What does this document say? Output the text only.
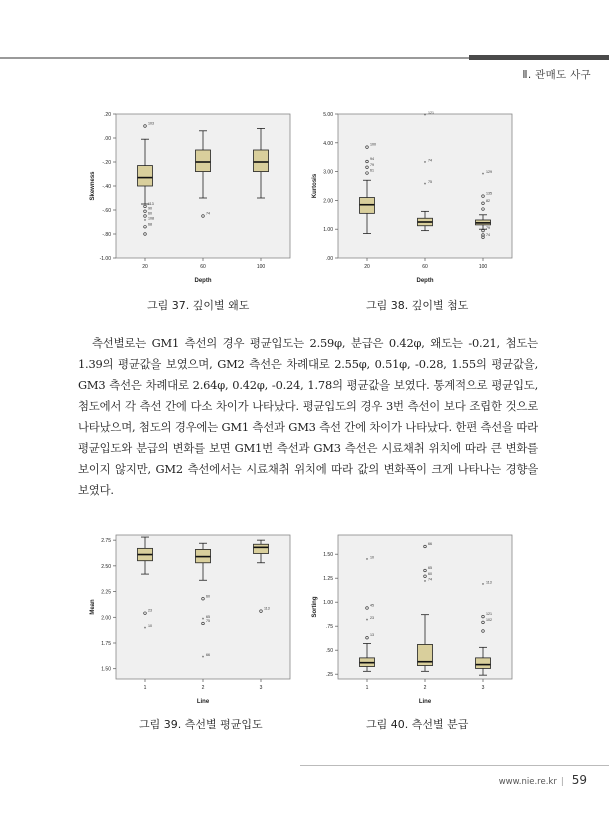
Ⅱ. 관매도 사구
.20
.00
-.20
-.40
-.60
-.80
-1.00
Skewness
Depth
20	60	100
103
113
90
60
*
108
68
74
5.00
4.00
3.00
2.00
1.00
.00
Kurtosis
Depth
20	60	100
100
94
79
61
*
121
*
74
*
75
*
129
135
82
79
74
2.75
2.50
2.25
2.00
1.75
1.50
Mean
Line
1	2	3
23
*
10
60
*
65
75
*
66
113
1.50
1.25
1.00
.75
.50
.25
Sorting
Line
1	2	3
*
10
45
*
23
13
66
65
60
*
74
*
113
121
102
그림 37. 깊이별 왜도	그림 38. 깊이별 첨도
그림 39. 측선별 평균입도	그림 40. 측선별 분급

측선별로는 GM1 측선의 경우 평균입도는 2.59φ, 분급은 0.42φ, 왜도는 -0.21, 첨도는 1.39의 평균값을 보였으며, GM2 측선은 차례대로 2.55φ, 0.51φ, -0.28, 1.55의 평균값을, GM3 측선은 차례대로 2.64φ, 0.42φ, -0.24, 1.78의 평균값을 보였다. 통계적으로 평균입도, 첨도에서 각 측선 간에 다소 차이가 나타났다. 평균입도의 경우 3번 측선이 보다 조립한 것으로 나타났으며, 첨도의 경우에는 GM1 측선과 GM3 측선 간에 차이가 나타났다. 한편 측선을 따라 평균입도와 분급의 변화를 보면 GM1번 측선과 GM3 측선은 시료채취 위치에 따라 큰 변화를 보이지 않지만, GM2 측선에서는 시료채취 위치에 따라 값의 변화폭이 크게 나타나는 경향을 보였다.

www.nie.re.kr | 59
